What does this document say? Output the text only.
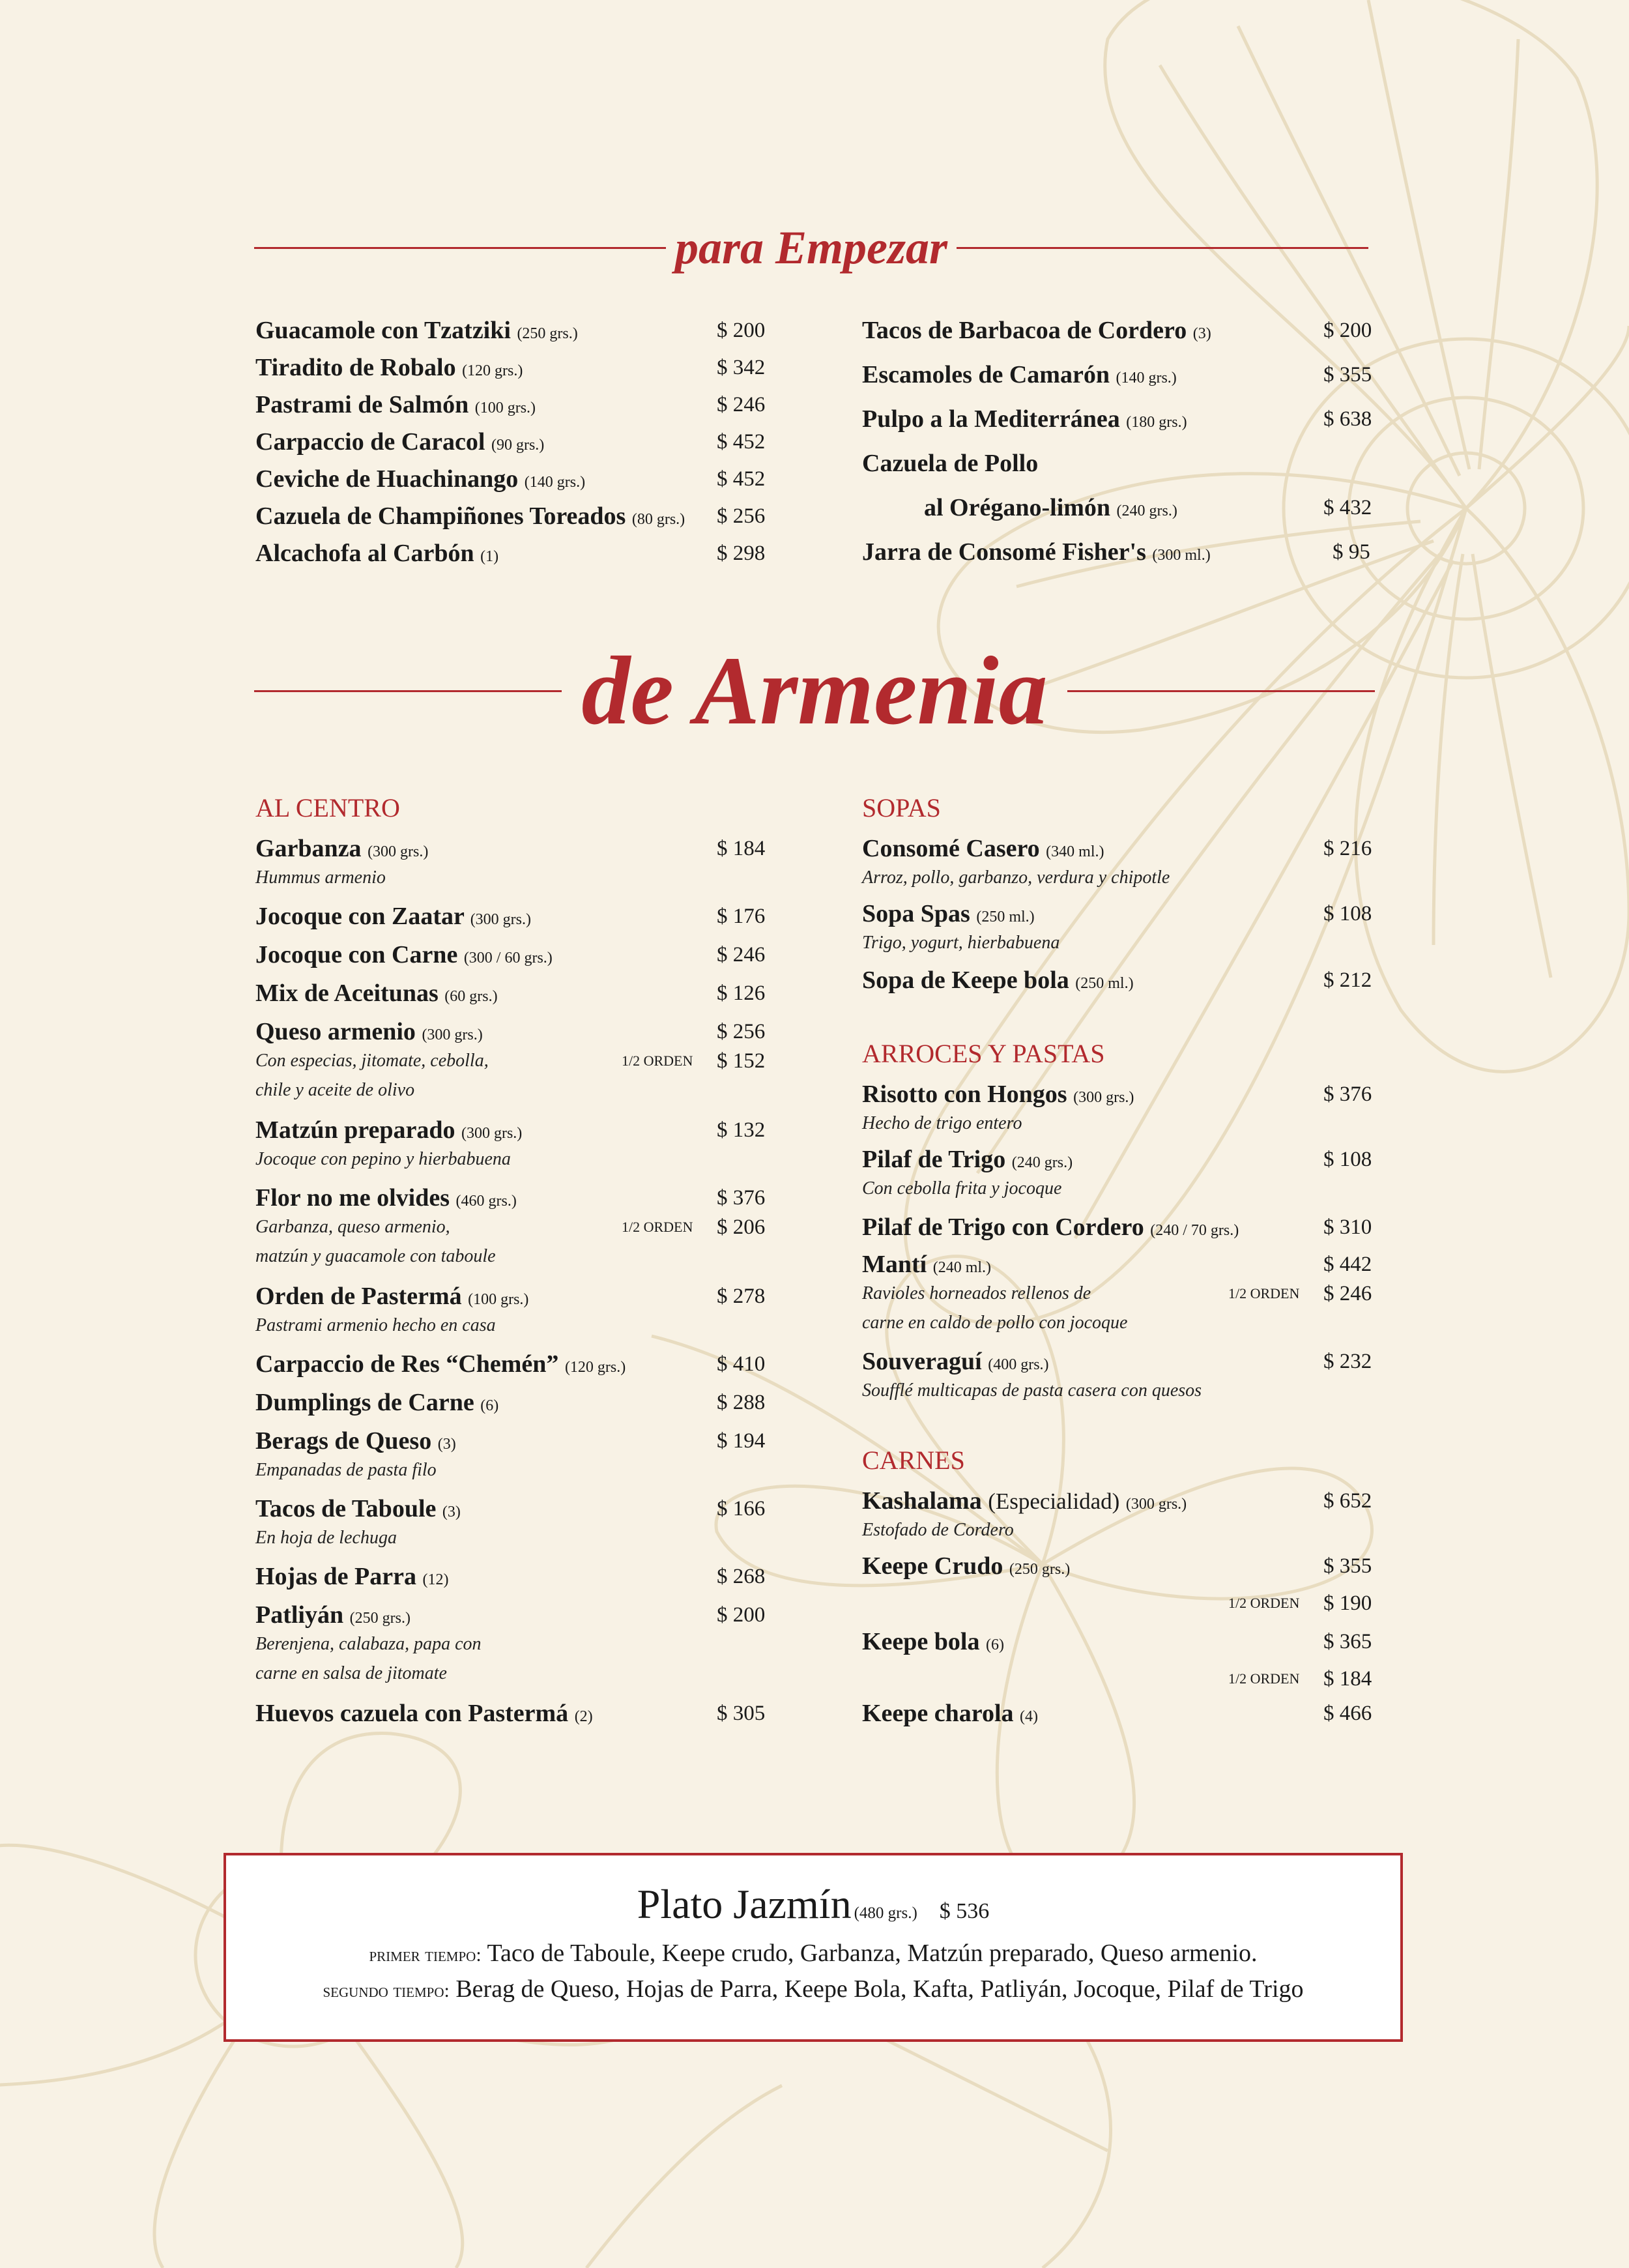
para Empezar
Guacamole con Tzatziki (250 grs.)	$ 200
Tiradito de Robalo (120 grs.)	$ 342
Pastrami de Salmón (100 grs.)	$ 246
Carpaccio de Caracol (90 grs.)	$ 452
Ceviche de Huachinango (140 grs.)	$ 452
Cazuela de Champiñones Toreados (80 grs.) $ 256
Alcachofa al Carbón (1)	$ 298
Tacos de Barbacoa de Cordero (3)	$ 200
Escamoles de Camarón (140 grs.)	$ 355
Pulpo a la Mediterránea (180 grs.)	$ 638
Cazuela de Pollo
al Orégano-limón (240 grs.)	$ 432
Jarra de Consomé Fisher's (300 ml.)	$ 95
de Armenia
AL CENTRO
Garbanza (300 grs.)	$ 184
Hummus armenio
Jocoque con Zaatar (300 grs.)	$ 176
Jocoque con Carne (300 / 60 grs.)	$ 246
Mix de Aceitunas (60 grs.)	$ 126
Queso armenio (300 grs.)	$ 256
Con especias, jitomate, cebolla,	1/2 ORDEN $ 152
chile y aceite de olivo
Matzún preparado (300 grs.)	$ 132
Jocoque con pepino y hierbabuena
Flor no me olvides (460 grs.)	$ 376
Garbanza, queso armenio,	1/2 ORDEN $ 206
matzún y guacamole con taboule
Orden de Pastermá (100 grs.)	$ 278
Pastrami armenio hecho en casa
Carpaccio de Res “Chemén” (120 grs.)	$ 410
Dumplings de Carne (6)	$ 288
Berags de Queso (3)	$ 194
Empanadas de pasta filo
Tacos de Taboule (3)	$ 166
En hoja de lechuga
Hojas de Parra (12)	$ 268
Patliyán (250 grs.)	$ 200
Berenjena, calabaza, papa con
carne en salsa de jitomate
Huevos cazuela con Pastermá (2)	$ 305
SOPAS
Consomé Casero (340 ml.)	$ 216
Arroz, pollo, garbanzo, verdura y chipotle
Sopa Spas (250 ml.)	$ 108
Trigo, yogurt, hierbabuena
Sopa de Keepe bola (250 ml.)	$ 212
ARROCES Y PASTAS
Risotto con Hongos (300 grs.)	$ 376
Hecho de trigo entero
Pilaf de Trigo (240 grs.)	$ 108
Con cebolla frita y jocoque
Pilaf de Trigo con Cordero (240 / 70 grs.)	$ 310
Mantí (240 ml.)	$ 442
Ravioles horneados rellenos de	1/2 ORDEN $ 246
carne en caldo de pollo con jocoque
Souveraguí (400 grs.)	$ 232
Soufflé multicapas de pasta casera con quesos
CARNES
Kashalama (Especialidad) (300 grs.)	$ 652
Estofado de Cordero
Keepe Crudo (250 grs.)	$ 355
1/2 ORDEN $ 190
Keepe bola (6)	$ 365
1/2 ORDEN $ 184
Keepe charola (4)	$ 466
Plato Jazmín (480 grs.) $ 536
primer tiempo: Taco de Taboule, Keepe crudo, Garbanza, Matzún preparado, Queso armenio.
segundo tiempo: Berag de Queso, Hojas de Parra, Keepe Bola, Kafta, Patliyán, Jocoque, Pilaf de Trigo
